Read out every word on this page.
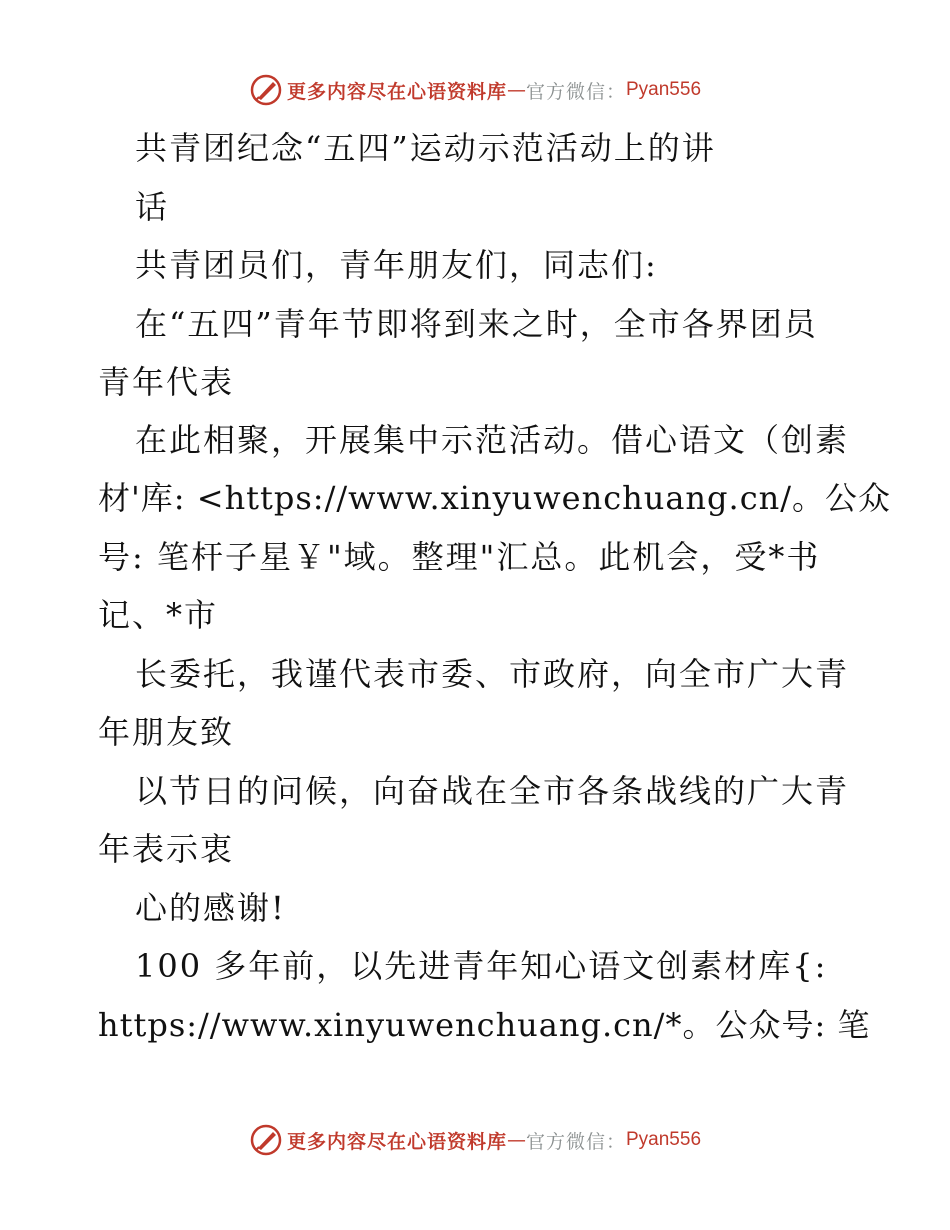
更多内容尽在心语资料库 — 官方微信： Pyan556
共青团纪念“五四”运动示范活动上的讲
话
共青团员们，青年朋友们，同志们:
在“五四”青年节即将到来之时，全市各界团员
青年代表
在此相聚，开展集中示范活动。借心语文（创素
材'库: <https://www.xinyuwenchuang.cn/。公众
号: 笔杆子星￥"域。整理"汇总。此机会，受*书
记、*市
长委托，我谨代表市委、市政府，向全市广大青
年朋友致
以节日的问候，向奋战在全市各条战线的广大青
年表示衷
心的感谢!
100 多年前，以先进青年知心语文创素材库{:
https://www.xinyuwenchuang.cn/*。公众号: 笔
更多内容尽在心语资料库 — 官方微信： Pyan556
